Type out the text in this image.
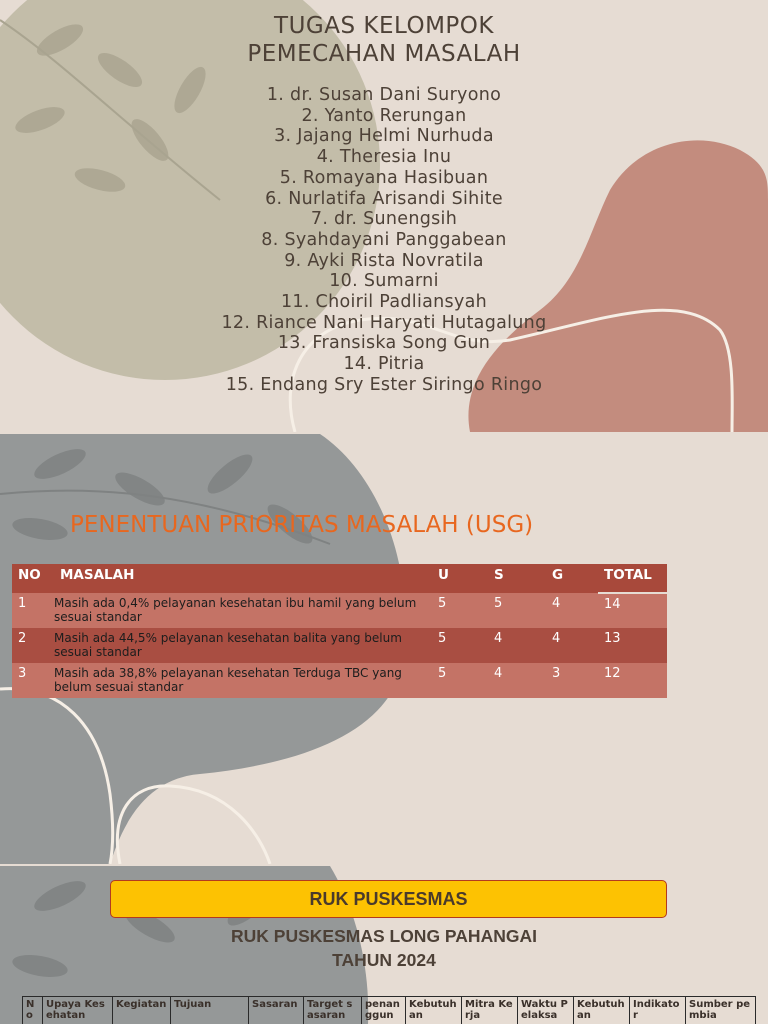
TUGAS KELOMPOK
PEMECAHAN MASALAH
1. dr. Susan Dani Suryono
2. Yanto Rerungan
3. Jajang Helmi Nurhuda
4. Theresia Inu
5. Romayana Hasibuan
6. Nurlatifa Arisandi Sihite
7. dr. Sunengsih
8. Syahdayani Panggabean
9. Ayki Rista Novratila
10. Sumarni
11. Choiril Padliansyah
12. Riance Nani Haryati Hutagalung
13. Fransiska Song Gun
14. Pitria
15. Endang Sry Ester Siringo Ringo
PENENTUAN PRIORITAS MASALAH (USG)
NO	MASALAH	U	S	G	TOTAL
1	Masih ada 0,4% pelayanan kesehatan ibu hamil yang belum sesuai standar	5	5	4	14
2	Masih ada 44,5% pelayanan kesehatan balita yang belum sesuai standar	5	4	4	13
3	Masih ada 38,8% pelayanan kesehatan Terduga TBC yang belum sesuai standar	5	4	3	12
RUK PUSKESMAS
RUK PUSKESMAS LONG PAHANGAI
TAHUN 2024
No	Upaya Kesehatan	Kegiatan	Tujuan	Sasaran	Target sasaran	penanggun	Kebutuhan	Mitra Kerja	Waktu Pelaksa	Kebutuhan	Indikator	Sumber pembia
